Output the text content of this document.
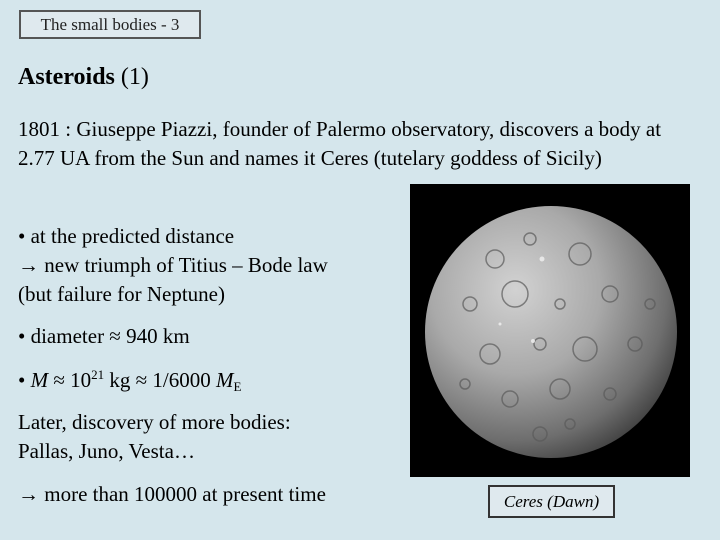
The small bodies - 3
Asteroids (1)

1801 : Giuseppe Piazzi, founder of Palermo observatory, discovers a body at 2.77 UA from the Sun and names it Ceres (tutelary goddess of Sicily)

• at the predicted distance
→ new triumph of Titius – Bode law
(but failure for Neptune)

• diameter ≈ 940 km

• $M \approx 10^{21}$ kg ≈ 1/6000 $M_E$

Later, discovery of more bodies:
Pallas, Juno, Vesta…

→ more than 100000 at present time	Ceres (Dawn)
